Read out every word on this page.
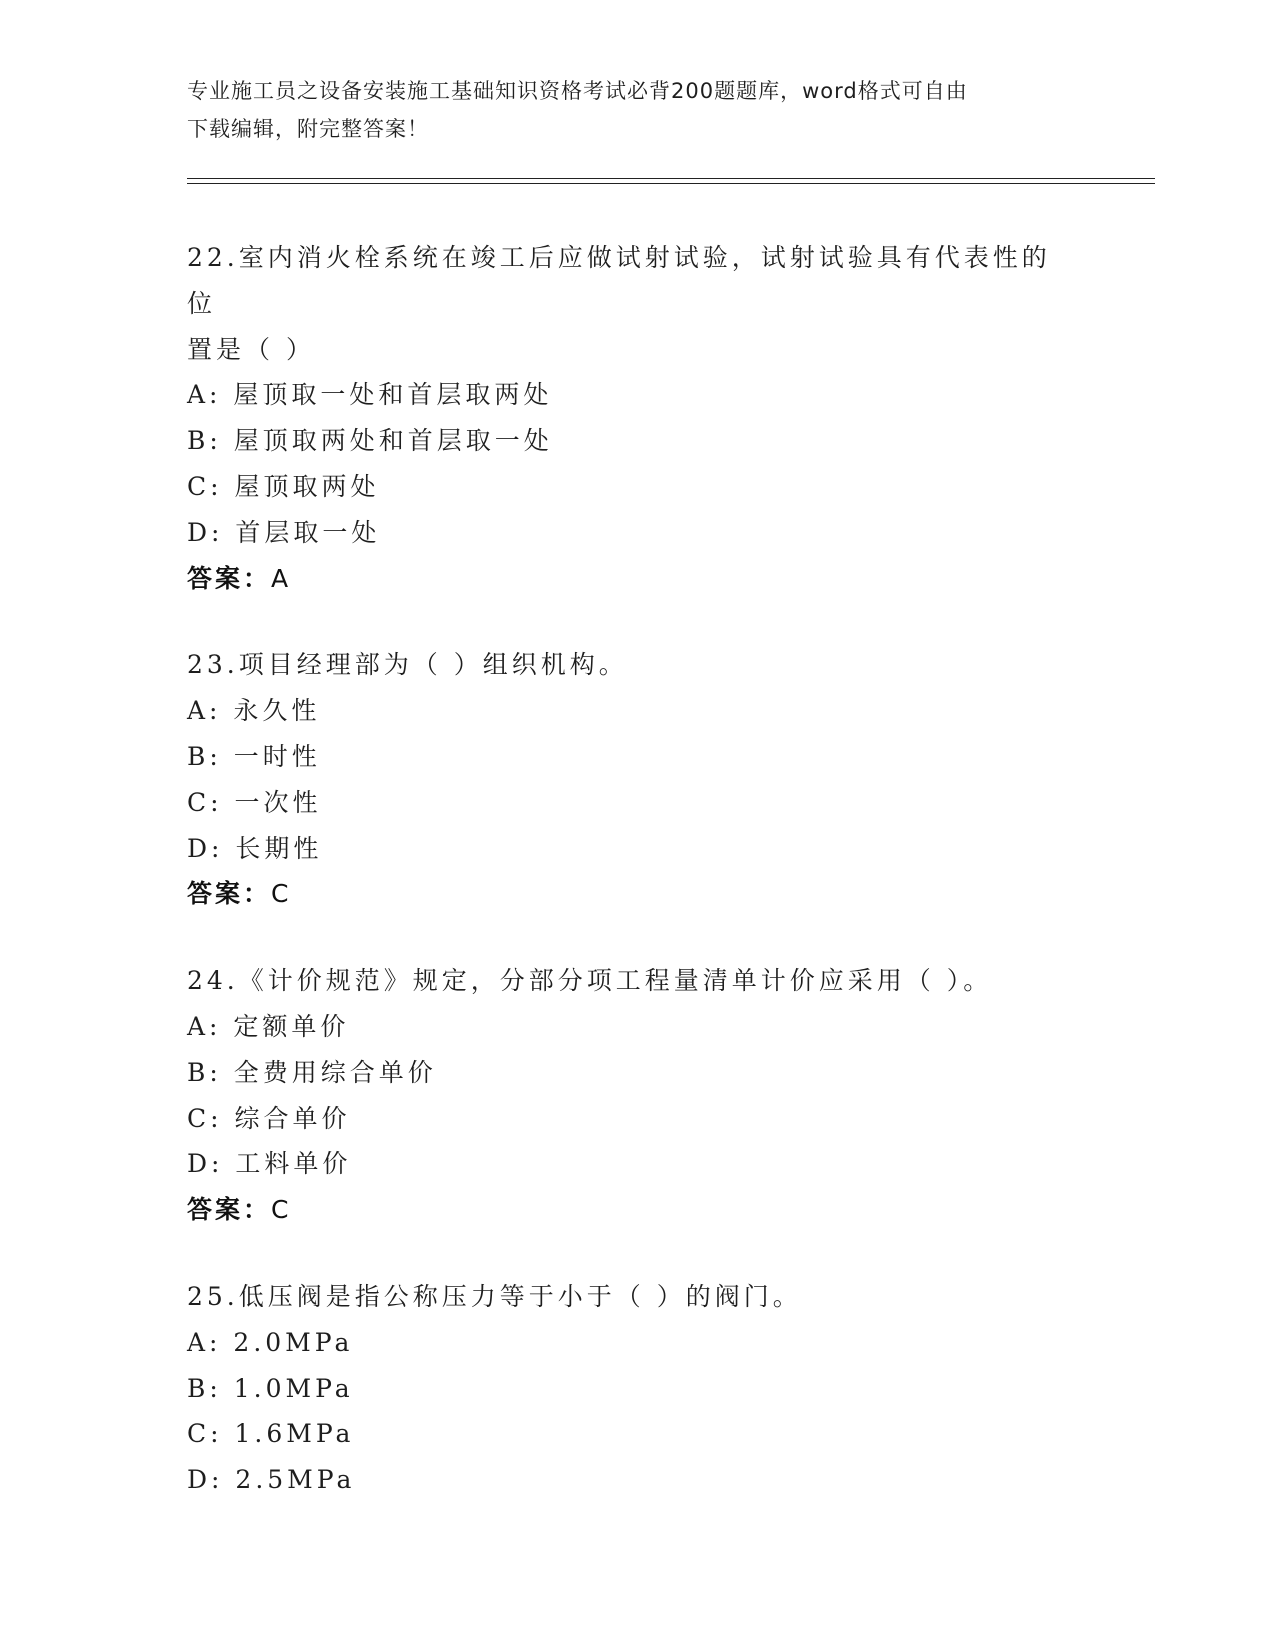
专业施工员之设备安装施工基础知识资格考试必背200题题库，word格式可自由
下载编辑，附完整答案！
22.室内消火栓系统在竣工后应做试射试验，试射试验具有代表性的位
置是（ ）
A: 屋顶取一处和首层取两处
B: 屋顶取两处和首层取一处
C: 屋顶取两处
D: 首层取一处
答案：A
23.项目经理部为（ ）组织机构。
A: 永久性
B: 一时性
C: 一次性
D: 长期性
答案：C
24.《计价规范》规定，分部分项工程量清单计价应采用（ ）。
A: 定额单价
B: 全费用综合单价
C: 综合单价
D: 工料单价
答案：C
25.低压阀是指公称压力等于小于（ ）的阀门。
A: 2.0MPa
B: 1.0MPa
C: 1.6MPa
D: 2.5MPa
